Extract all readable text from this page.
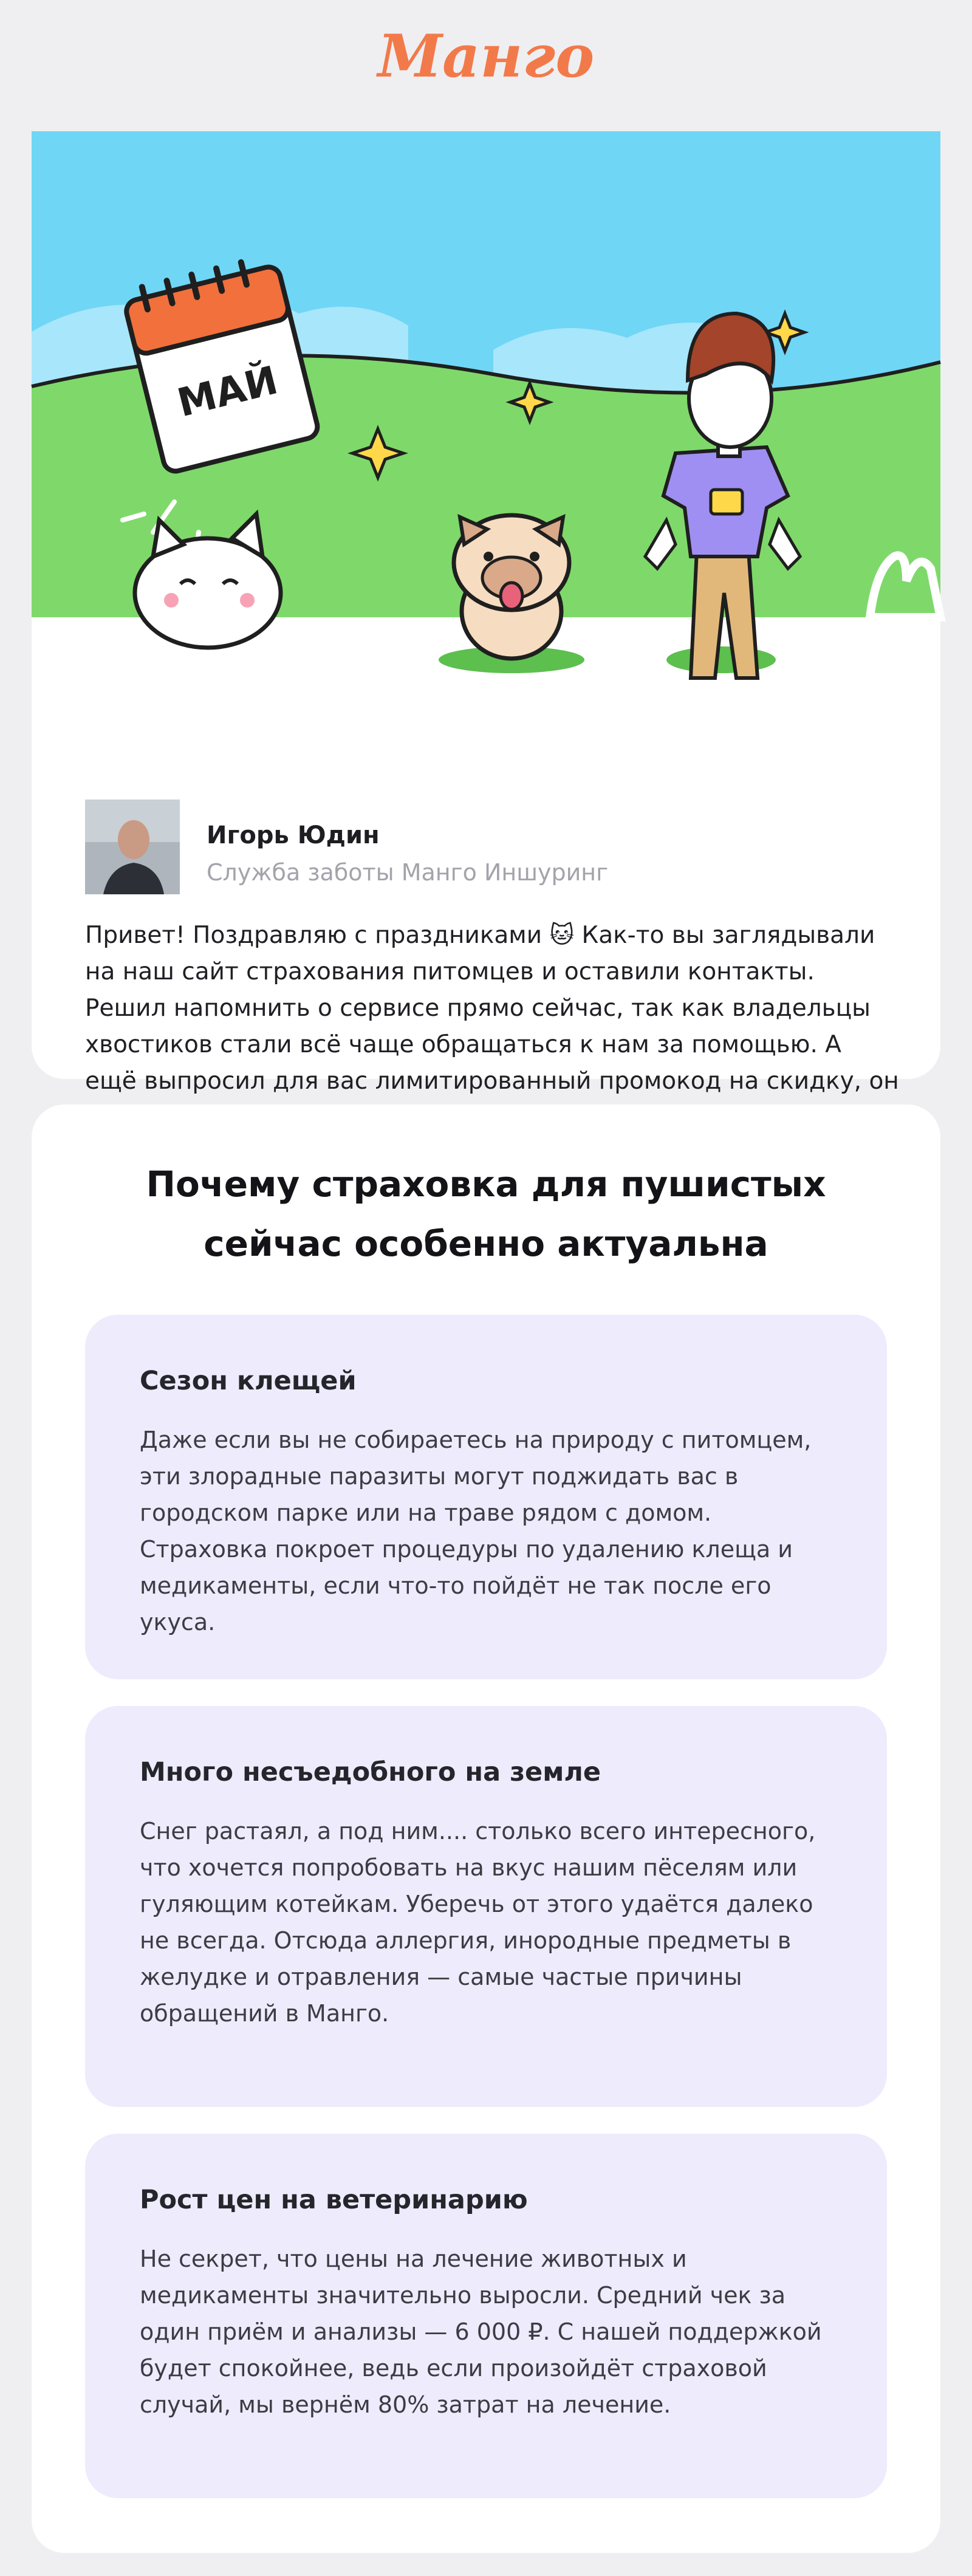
Манго
МАЙ
Игорь Юдин
Служба заботы Манго Иншуринг

Привет! Поздравляю с праздниками 🐱 Как-то вы заглядывали на наш сайт страхования питомцев и оставили контакты. Решил напомнить о сервисе прямо сейчас, так как владельцы хвостиков стали всё чаще обращаться к нам за помощью. А ещё выпросил для вас лимитированный промокод на скидку, он

Почему страховка для пушистых сейчас особенно актуальна
Сезон клещей

Даже если вы не собираетесь на природу с питомцем, эти злорадные паразиты могут поджидать вас в городском парке или на траве рядом с домом. Страховка покроет процедуры по удалению клеща и медикаменты, если что-то пойдёт не так после его укуса.

Много несъедобного на земле

Снег растаял, а под ним.... столько всего интересного, что хочется попробовать на вкус нашим пёселям или гуляющим котейкам. Уберечь от этого удаётся далеко не всегда. Отсюда аллергия, инородные предметы в желудке и отравления — самые частые причины обращений в Манго.

Рост цен на ветеринарию

Не секрет, что цены на лечение животных и медикаменты значительно выросли. Средний чек за один приём и анализы — 6 000 ₽. С нашей поддержкой будет спокойнее, ведь если произойдёт страховой случай, мы вернём 80% затрат на лечение.
